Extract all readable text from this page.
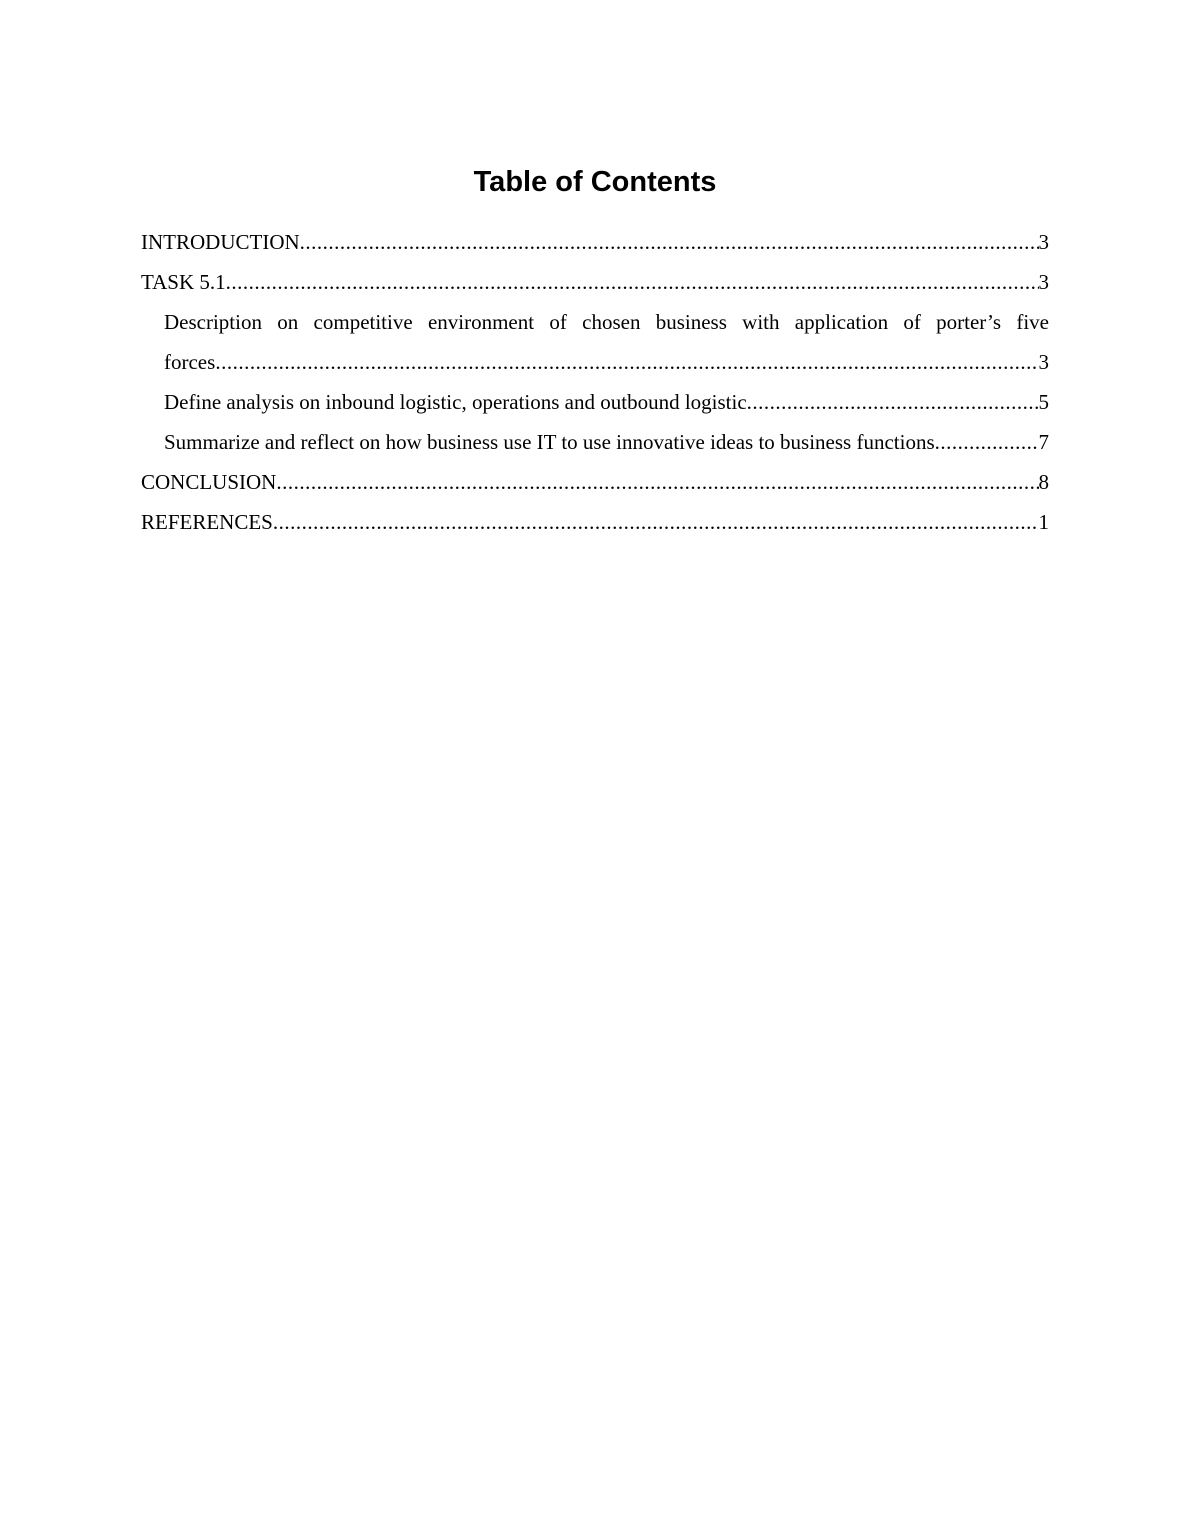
Table of Contents
INTRODUCTION .....	3
TASK 5.1 .....	3
Description on competitive environment of chosen business with application of porter’s five
forces .....	3
Define analysis on inbound logistic, operations and outbound logistic .....	5
Summarize and reflect on how business use IT to use innovative ideas to business functions .....	7
CONCLUSION .....	8
REFERENCES .....	1
